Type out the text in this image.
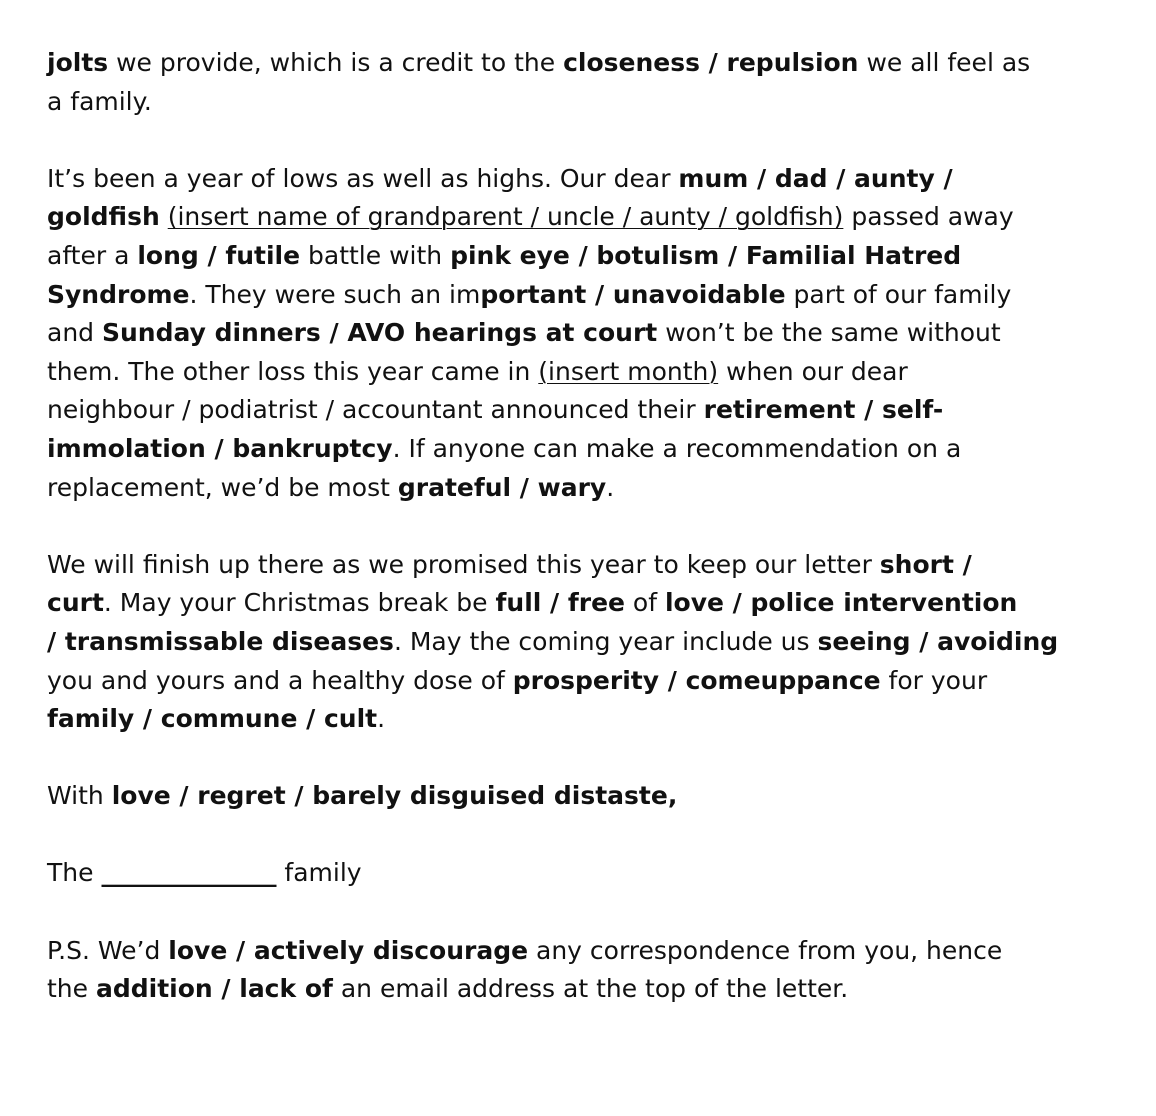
jolts we provide, which is a credit to the closeness / repulsion we all feel as
a family.

It’s been a year of lows as well as highs. Our dear mum / dad / aunty /
goldfish (insert name of grandparent / uncle / aunty / goldfish) passed away
after a long / futile battle with pink eye / botulism / Familial Hatred
Syndrome. They were such an important / unavoidable part of our family
and Sunday dinners / AVO hearings at court won’t be the same without
them. The other loss this year came in (insert month) when our dear
neighbour / podiatrist / accountant announced their retirement / self-
immolation / bankruptcy. If anyone can make a recommendation on a
replacement, we’d be most grateful / wary.

We will finish up there as we promised this year to keep our letter short /
curt. May your Christmas break be full / free of love / police intervention
/ transmissable diseases. May the coming year include us seeing / avoiding
you and yours and a healthy dose of prosperity / comeuppance for your
family / commune / cult.

With love / regret / barely disguised distaste,

The ______________ family

P.S. We’d love / actively discourage any correspondence from you, hence
the addition / lack of an email address at the top of the letter.
